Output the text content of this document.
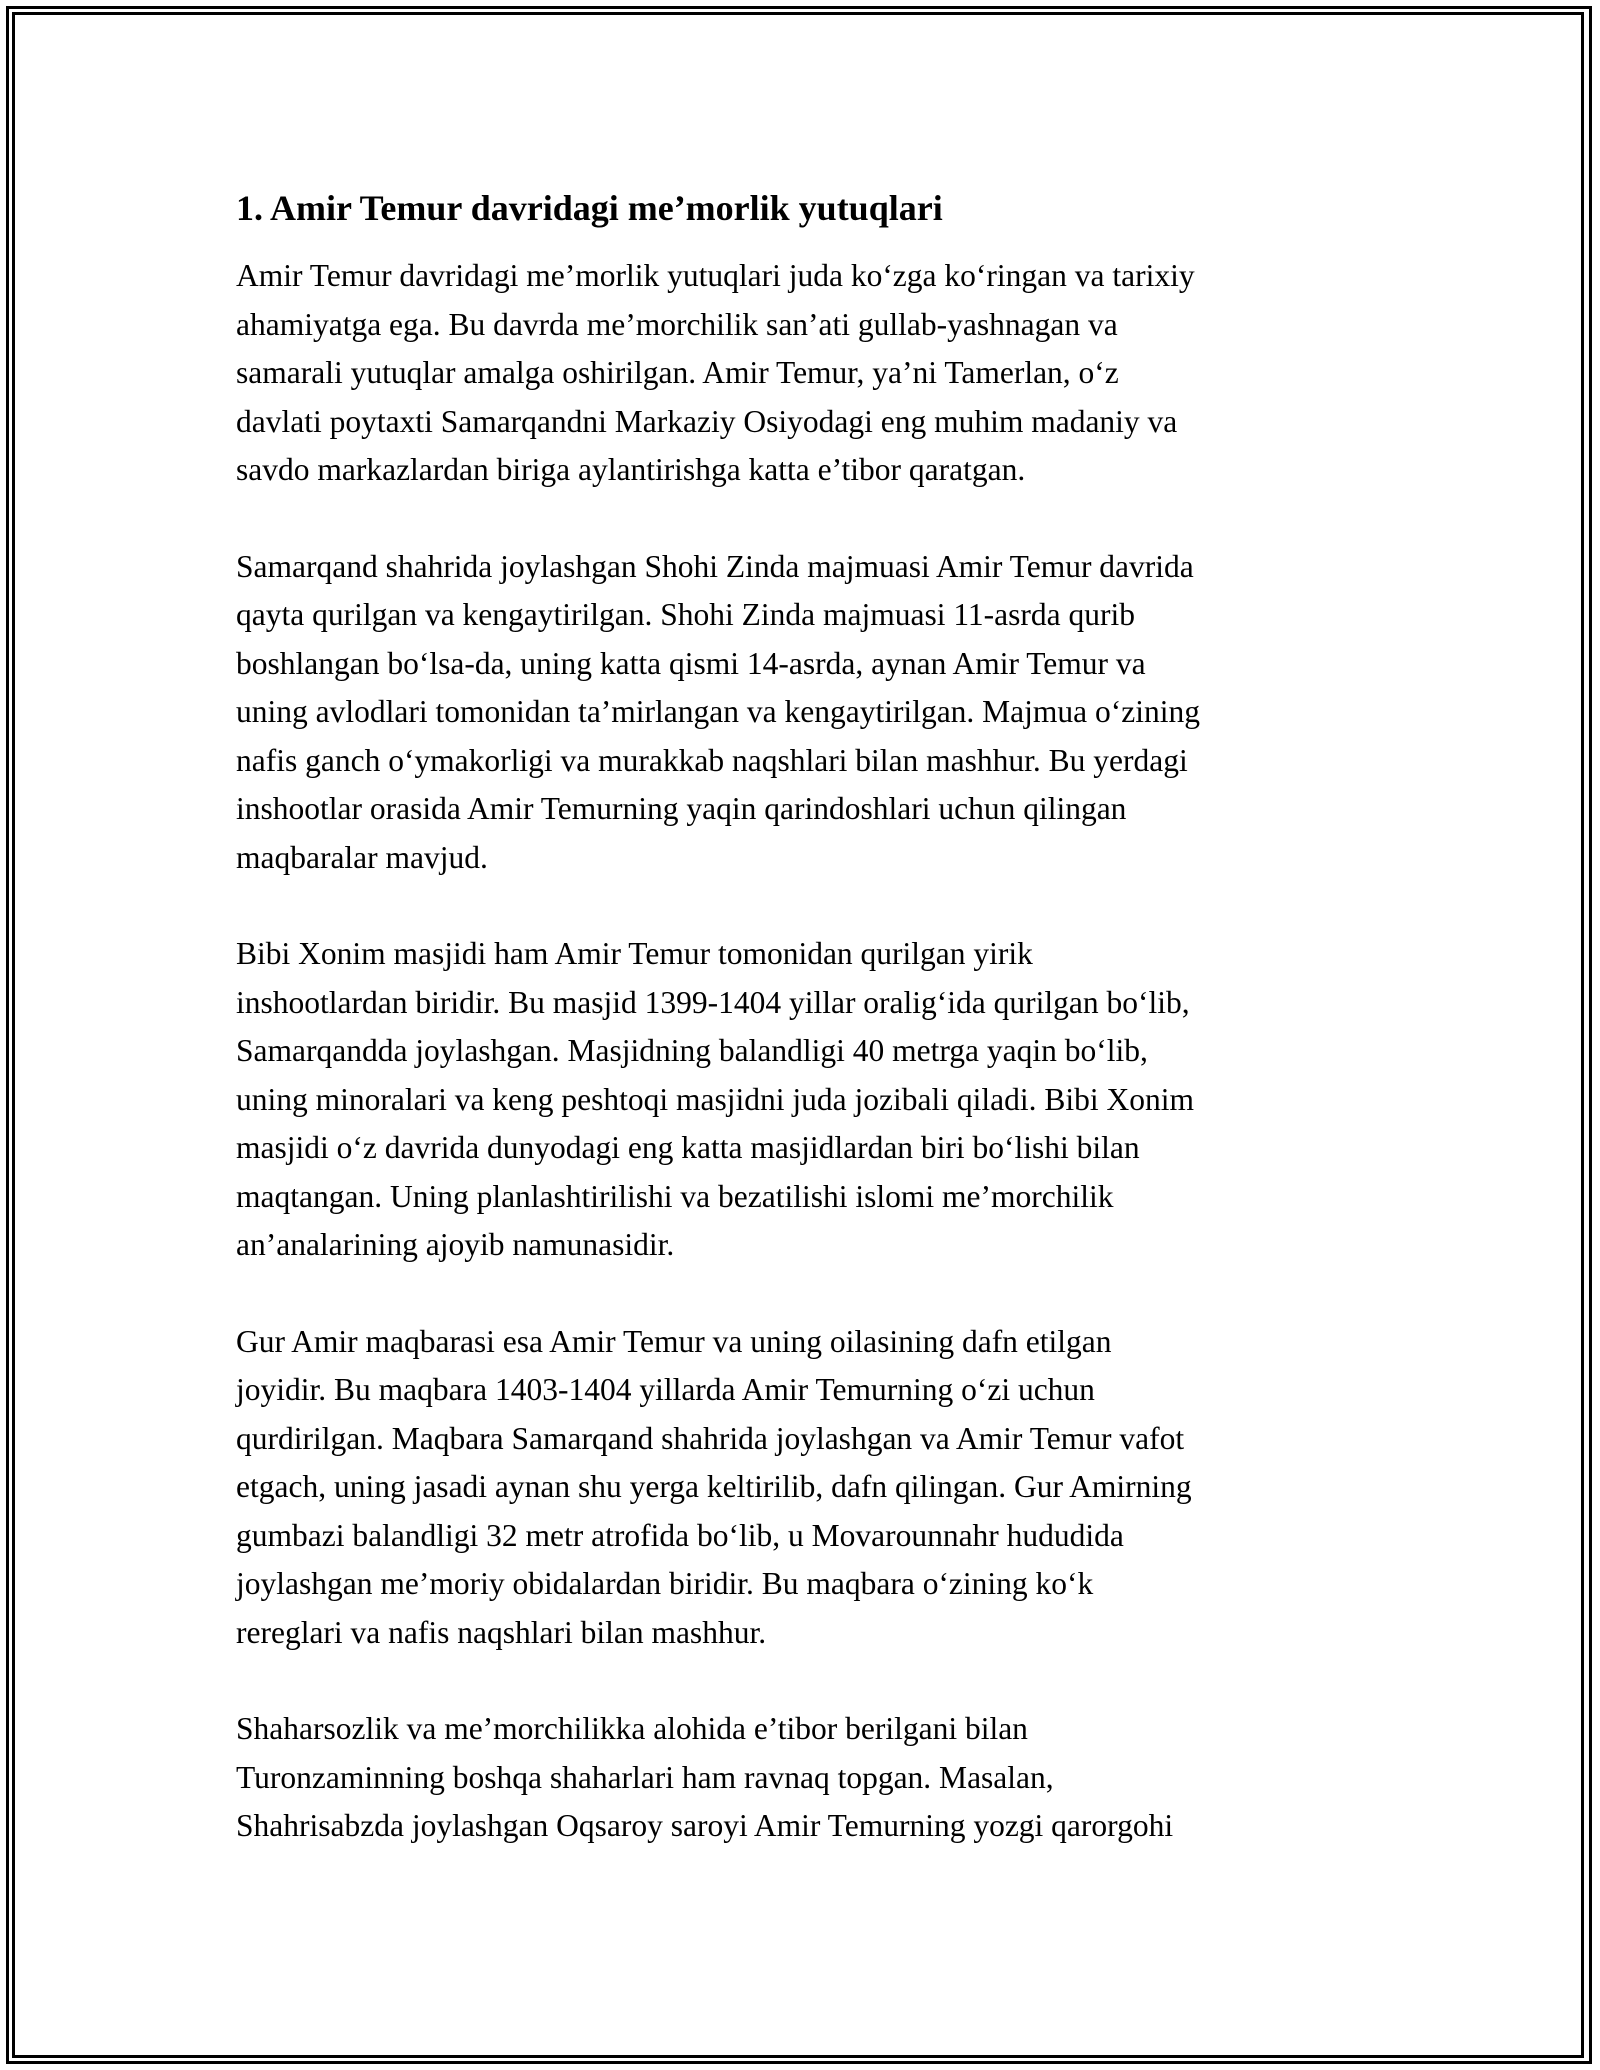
1. Amir Temur davridagi me’morlik yutuqlari

Amir Temur davridagi me’morlik yutuqlari juda ko‘zga ko‘ringan va tarixiy
ahamiyatga ega. Bu davrda me’morchilik san’ati gullab-yashnagan va
samarali yutuqlar amalga oshirilgan. Amir Temur, ya’ni Tamerlan, o‘z
davlati poytaxti Samarqandni Markaziy Osiyodagi eng muhim madaniy va
savdo markazlardan biriga aylantirishga katta e’tibor qaratgan.

Samarqand shahrida joylashgan Shohi Zinda majmuasi Amir Temur davrida
qayta qurilgan va kengaytirilgan. Shohi Zinda majmuasi 11-asrda qurib
boshlangan bo‘lsa-da, uning katta qismi 14-asrda, aynan Amir Temur va
uning avlodlari tomonidan ta’mirlangan va kengaytirilgan. Majmua o‘zining
nafis ganch o‘ymakorligi va murakkab naqshlari bilan mashhur. Bu yerdagi
inshootlar orasida Amir Temurning yaqin qarindoshlari uchun qilingan
maqbaralar mavjud.

Bibi Xonim masjidi ham Amir Temur tomonidan qurilgan yirik
inshootlardan biridir. Bu masjid 1399-1404 yillar oralig‘ida qurilgan bo‘lib,
Samarqandda joylashgan. Masjidning balandligi 40 metrga yaqin bo‘lib,
uning minoralari va keng peshtoqi masjidni juda jozibali qiladi. Bibi Xonim
masjidi o‘z davrida dunyodagi eng katta masjidlardan biri bo‘lishi bilan
maqtangan. Uning planlashtirilishi va bezatilishi islomi me’morchilik
an’analarining ajoyib namunasidir.

Gur Amir maqbarasi esa Amir Temur va uning oilasining dafn etilgan
joyidir. Bu maqbara 1403-1404 yillarda Amir Temurning o‘zi uchun
qurdirilgan. Maqbara Samarqand shahrida joylashgan va Amir Temur vafot
etgach, uning jasadi aynan shu yerga keltirilib, dafn qilingan. Gur Amirning
gumbazi balandligi 32 metr atrofida bo‘lib, u Movarounnahr hududida
joylashgan me’moriy obidalardan biridir. Bu maqbara o‘zining ko‘k
rereglari va nafis naqshlari bilan mashhur.

Shaharsozlik va me’morchilikka alohida e’tibor berilgani bilan
Turonzaminning boshqa shaharlari ham ravnaq topgan. Masalan,
Shahrisabzda joylashgan Oqsaroy saroyi Amir Temurning yozgi qarorgohi
